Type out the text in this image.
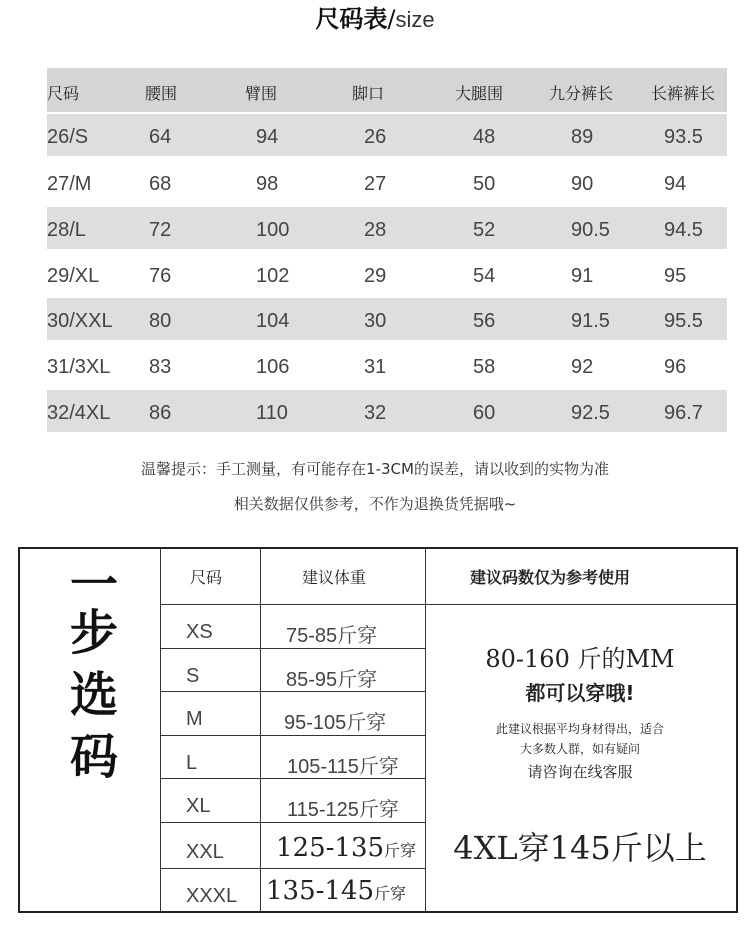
尺码表/size
尺码	腰围	臂围	脚口	大腿围	九分裤长 长裤裤长
26/S	64	94	26	48	89	93.5
27/M	68	98	27	50	90	94
28/L	72	100	28	52	90.5	94.5
29/XL 76	102	29	54	91	95
30/XXL 80	104	30	56	91.5	95.5
31/3XL 83	106	31	58	92	96
32/4XL 86	110	32	60	92.5	96.7
温馨提示：手工测量，有可能存在1-3CM的误差，请以收到的实物为准
相关数据仅供参考，不作为退换货凭据哦~
一
步
选
码
尺码	建议体重	建议码数仅为参考使用
XS	75-85斤穿
S	85-95斤穿
M	95-105斤穿
L	105-115斤穿
XL	115-125斤穿
XXL 125-135斤穿
XXXL 135-145斤穿
80-160 斤的MM
都可以穿哦!
此建议根据平均身材得出，适合
大多数人群，如有疑问
请咨询在线客服
4XL穿145斤以上
